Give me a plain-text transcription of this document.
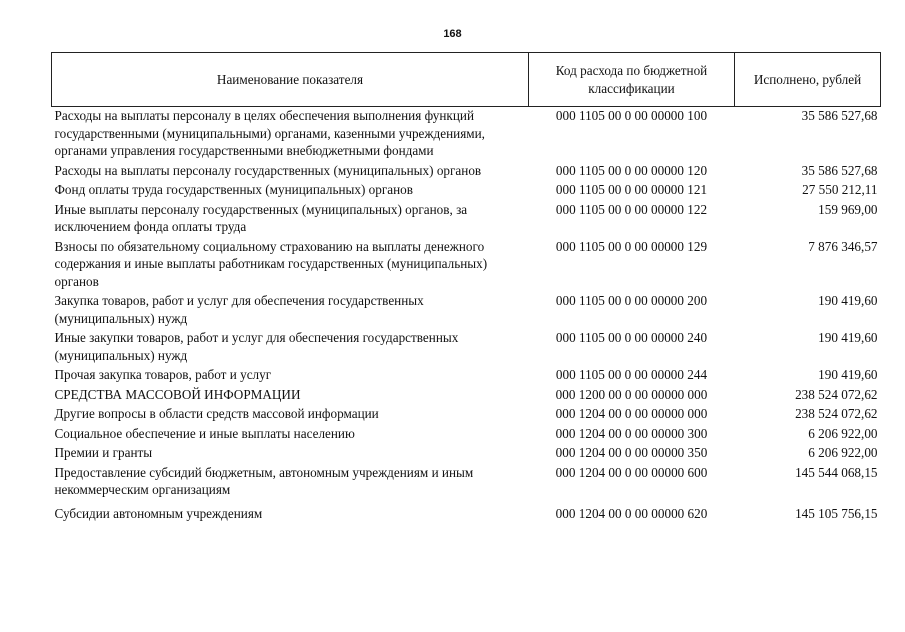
168
Наименование показателя	Код расхода по бюджетной классификации	Исполнено, рублей
Расходы на выплаты персоналу в целях обеспечения выполнения функций государственными (муниципальными) органами, казенными учреждениями, органами управления государственными внебюджетными фондами	000 1105 00 0 00 00000 100	35 586 527,68
Расходы на выплаты персоналу государственных (муниципальных) органов	000 1105 00 0 00 00000 120	35 586 527,68
Фонд оплаты труда государственных (муниципальных) органов	000 1105 00 0 00 00000 121	27 550 212,11
Иные выплаты персоналу государственных (муниципальных) органов, за исключением фонда оплаты труда	000 1105 00 0 00 00000 122	159 969,00
Взносы по обязательному социальному страхованию на выплаты денежного содержания и иные выплаты работникам государственных (муниципальных) органов	000 1105 00 0 00 00000 129	7 876 346,57
Закупка товаров, работ и услуг для обеспечения государственных (муниципальных) нужд	000 1105 00 0 00 00000 200	190 419,60
Иные закупки товаров, работ и услуг для обеспечения государственных (муниципальных) нужд	000 1105 00 0 00 00000 240	190 419,60
Прочая закупка товаров, работ и услуг	000 1105 00 0 00 00000 244	190 419,60
СРЕДСТВА МАССОВОЙ ИНФОРМАЦИИ	000 1200 00 0 00 00000 000	238 524 072,62
Другие вопросы в области средств массовой информации	000 1204 00 0 00 00000 000	238 524 072,62
Социальное обеспечение и иные выплаты населению	000 1204 00 0 00 00000 300	6 206 922,00
Премии и гранты	000 1204 00 0 00 00000 350	6 206 922,00
Предоставление субсидий бюджетным, автономным учреждениям и иным некоммерческим организациям	000 1204 00 0 00 00000 600	145 544 068,15
Субсидии автономным учреждениям	000 1204 00 0 00 00000 620	145 105 756,15
